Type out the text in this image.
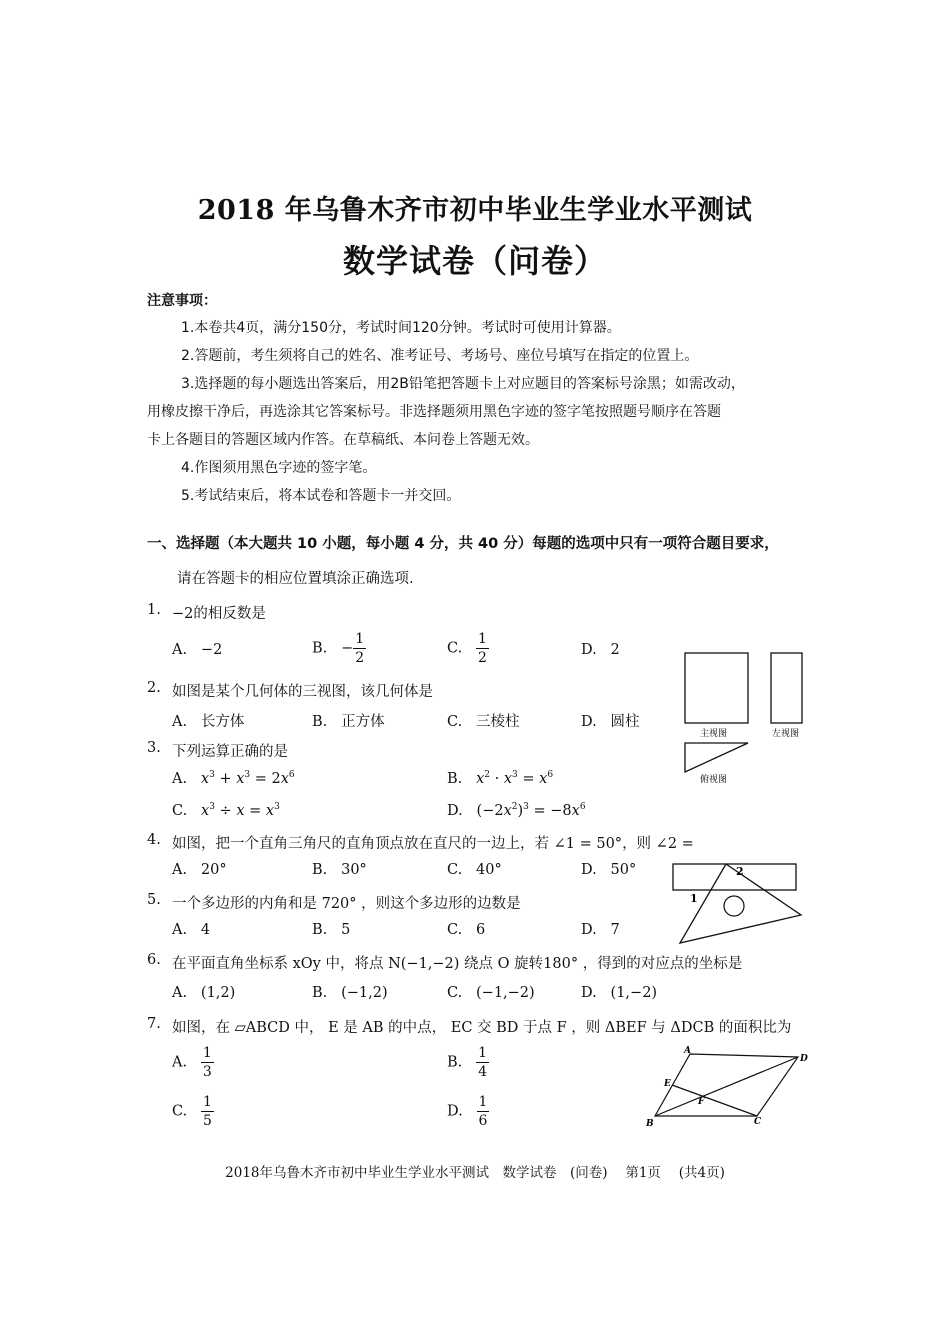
2018 年乌鲁木齐市初中毕业生学业水平测试
数学试卷（问卷）
注意事项：
1.本卷共4页，满分150分，考试时间120分钟。考试时可使用计算器。
2.答题前，考生须将自己的姓名、准考证号、考场号、座位号填写在指定的位置上。
3.选择题的每小题选出答案后，用2B铅笔把答题卡上对应题目的答案标号涂黑；如需改动，
用橡皮擦干净后，再选涂其它答案标号。非选择题须用黑色字迹的签字笔按照题号顺序在答题
卡上各题目的答题区域内作答。在草稿纸、本问卷上答题无效。
4.作图须用黑色字迹的签字笔。
5.考试结束后，将本试卷和答题卡一并交回。
一、选择题（本大题共 10 小题，每小题 4 分，共 40 分）每题的选项中只有一项符合题目要求，
请在答题卡的相应位置填涂正确选项.
1. −2的相反数是
A. −2	B. − $\frac{1}{2}$	C. $\frac{1}{2}$	D. 2
2. 如图是某个几何体的三视图，该几何体是
A. 长方体	B. 正方体	C. 三棱柱	D. 圆柱
主视图	左视图
俯视图
3. 下列运算正确的是
A. $x^3 + x^3 = 2x^6$	B. $x^2 \cdot x^3 = x^6$
C. $x^3 \div x = x^3$	D.   $(-2x^2)^3 = -8x^6$
4. 如图，把一个直角三角尺的直角顶点放在直尺的一边上，若 ∠1 = 50°，则 ∠2 =
A. 20°	B. 30°	C. 40°	D. 50°
1
2
5. 一个多边形的内角和是 720° ，则这个多边形的边数是
A. 4	B. 5	C. 6	D. 7
6. 在平面直角坐标系 xOy 中，将点 N(−1,−2) 绕点 O 旋转180° ，得到的对应点的坐标是
A. (1,2)	B. (−1,2)	C. (−1,−2)	D. (1,−2)
7. 如图，在 ▱ABCD 中， E 是 AB 的中点， EC 交 BD 于点 F ，则 ΔBEF 与 ΔDCB 的面积比为
A. $\frac{1}{3}$	B. $\frac{1}{4}$
C. $\frac{1}{5}$	D. $\frac{1}{6}$
A
D
E
F
B	C
2018年乌鲁木齐市初中毕业生学业水平测试　数学试卷　(问卷)　 第1页　 (共4页)
